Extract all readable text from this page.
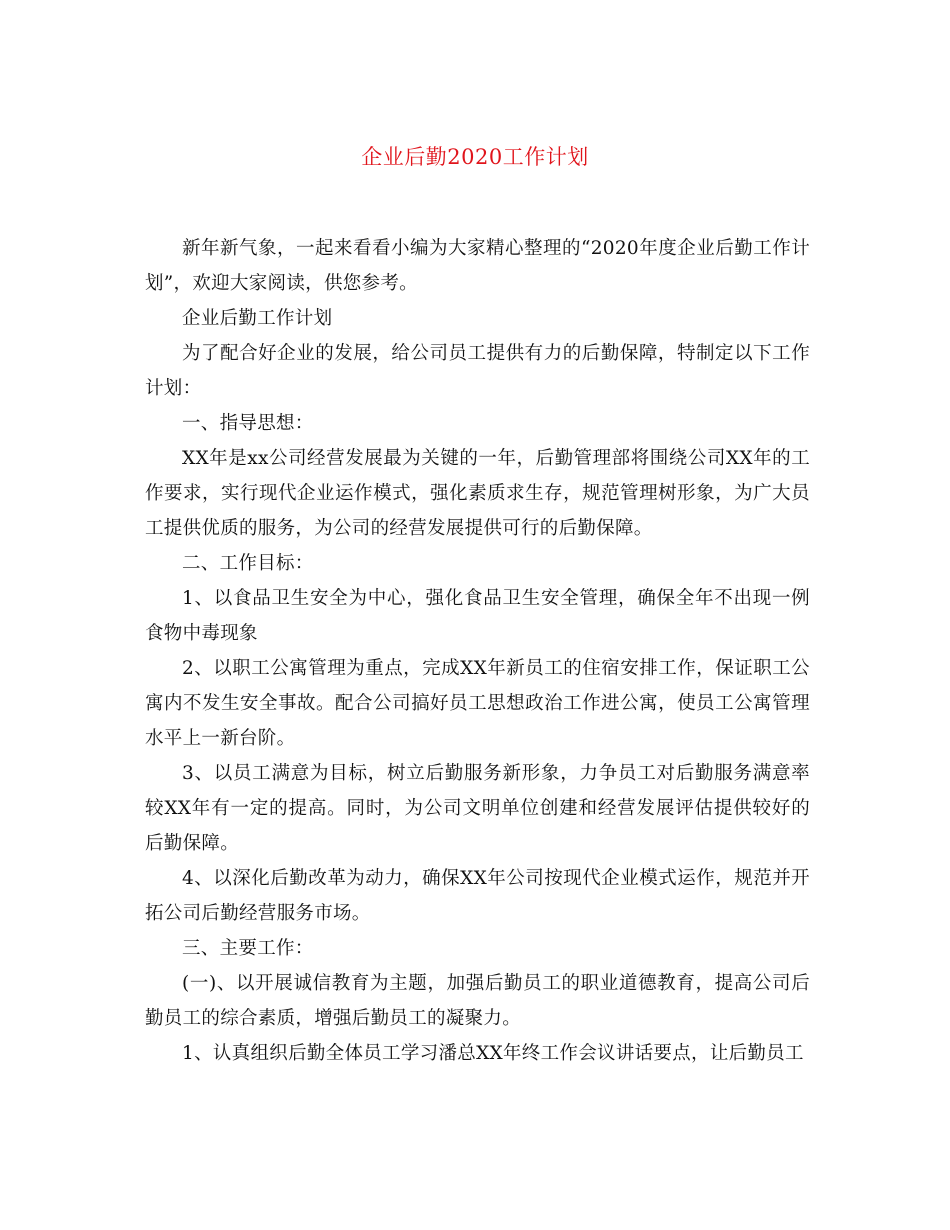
企业后勤2020工作计划

新年新气象，一起来看看小编为大家精心整理的“2020年度企业后勤工作计划”，欢迎大家阅读，供您参考。

企业后勤工作计划

为了配合好企业的发展，给公司员工提供有力的后勤保障，特制定以下工作计划：

一、指导思想：

XX年是xx公司经营发展最为关键的一年，后勤管理部将围绕公司XX年的工作要求，实行现代企业运作模式，强化素质求生存，规范管理树形象，为广大员工提供优质的服务，为公司的经营发展提供可行的后勤保障。

二、工作目标：

1、以食品卫生安全为中心，强化食品卫生安全管理，确保全年不出现一例食物中毒现象

2、以职工公寓管理为重点，完成XX年新员工的住宿安排工作，保证职工公寓内不发生安全事故。配合公司搞好员工思想政治工作进公寓，使员工公寓管理水平上一新台阶。

3、以员工满意为目标，树立后勤服务新形象，力争员工对后勤服务满意率较XX年有一定的提高。同时，为公司文明单位创建和经营发展评估提供较好的后勤保障。

4、以深化后勤改革为动力，确保XX年公司按现代企业模式运作，规范并开拓公司后勤经营服务市场。

三、主要工作：

(一)、以开展诚信教育为主题，加强后勤员工的职业道德教育，提高公司后勤员工的综合素质，增强后勤员工的凝聚力。

1、认真组织后勤全体员工学习潘总XX年终工作会议讲话要点，让后勤员工
